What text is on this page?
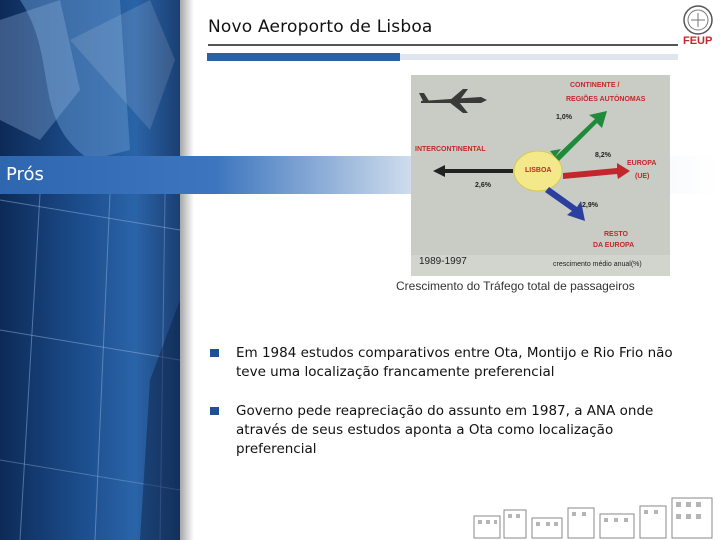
Novo Aeroporto de Lisboa
FEUP
Prós
CONTINENTE /
REGIÕES AUTÓNOMAS
1,0%
INTERCONTINENTAL
2,6%
LISBOA
8,2%
EUROPA
(UE)
2,9%
RESTO
DA EUROPA
1989-1997	crescimento médio anual(%)
Crescimento do Tráfego total de passageiros
Em 1984 estudos comparativos entre Ota, Montijo e Rio Frio não teve uma localização francamente preferencial
Governo pede reapreciação do assunto em 1987, a ANA onde através de seus estudos aponta a Ota como localização preferencial
